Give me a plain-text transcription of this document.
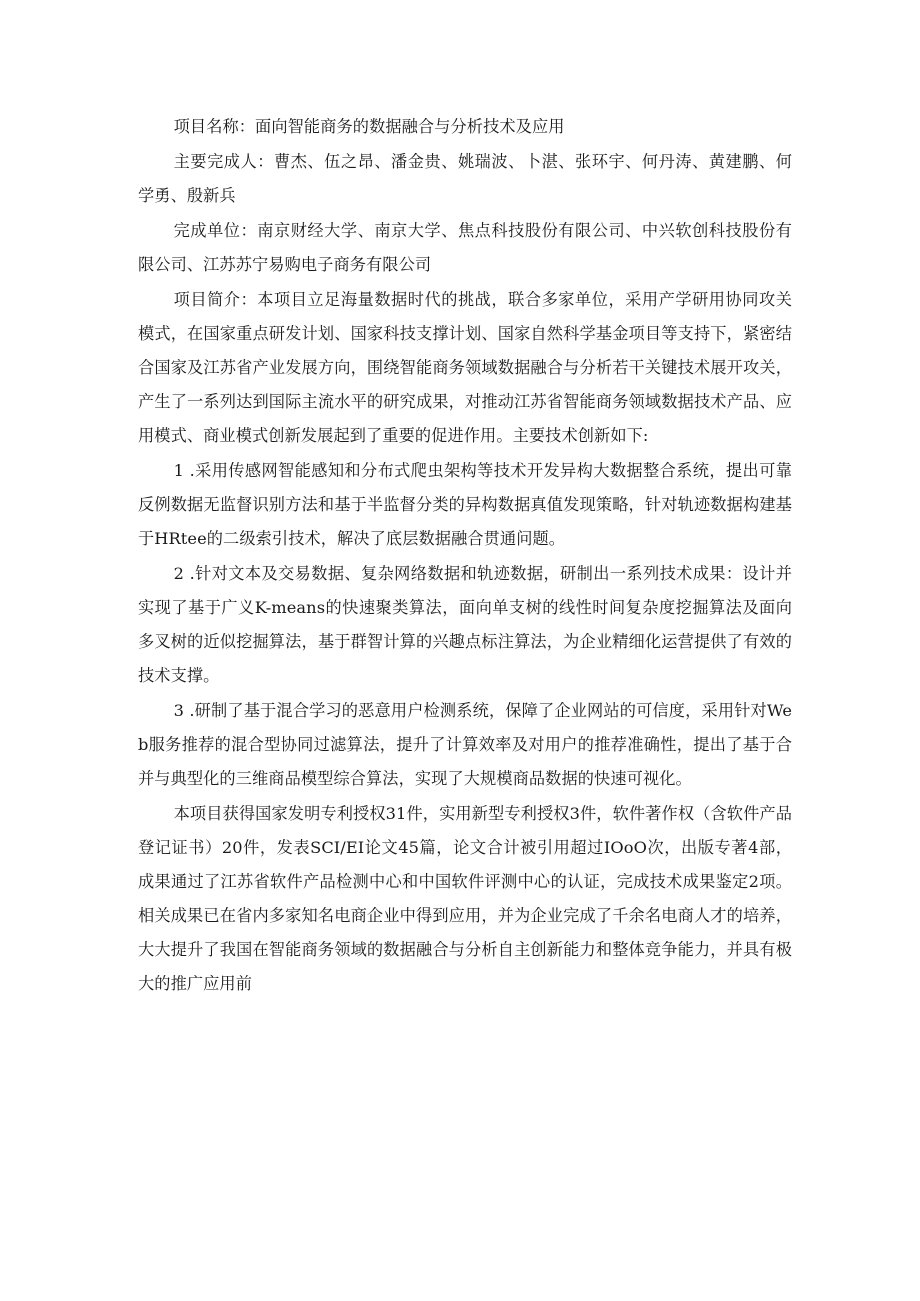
项目名称：面向智能商务的数据融合与分析技术及应用

主要完成人：曹杰、伍之昂、潘金贵、姚瑞波、卜湛、张环宇、何丹涛、黄建鹏、何学勇、殷新兵

完成单位：南京财经大学、南京大学、焦点科技股份有限公司、中兴软创科技股份有限公司、江苏苏宁易购电子商务有限公司

项目简介：本项目立足海量数据时代的挑战，联合多家单位，采用产学研用协同攻关模式，在国家重点研发计划、国家科技支撑计划、国家自然科学基金项目等支持下，紧密结合国家及江苏省产业发展方向，围绕智能商务领域数据融合与分析若干关键技术展开攻关，产生了一系列达到国际主流水平的研究成果，对推动江苏省智能商务领域数据技术产品、应用模式、商业模式创新发展起到了重要的促进作用。主要技术创新如下:

1 .采用传感网智能感知和分布式爬虫架构等技术开发异构大数据整合系统，提出可靠反例数据无监督识别方法和基于半监督分类的异构数据真值发现策略，针对轨迹数据构建基于HRtee的二级索引技术，解决了底层数据融合贯通问题。

2 .针对文本及交易数据、复杂网络数据和轨迹数据，研制出一系列技术成果：设计并实现了基于广义K-means的快速聚类算法，面向单支树的线性时间复杂度挖掘算法及面向多叉树的近似挖掘算法，基于群智计算的兴趣点标注算法，为企业精细化运营提供了有效的技术支撑。

3 .研制了基于混合学习的恶意用户检测系统，保障了企业网站的可信度，采用针对Web服务推荐的混合型协同过滤算法，提升了计算效率及对用户的推荐准确性，提出了基于合并与典型化的三维商品模型综合算法，实现了大规模商品数据的快速可视化。

本项目获得国家发明专利授权31件，实用新型专利授权3件，软件著作权（含软件产品登记证书）20件，发表SCI/EI论文45篇，论文合计被引用超过IOoO次，出版专著4部，成果通过了江苏省软件产品检测中心和中国软件评测中心的认证，完成技术成果鉴定2项。相关成果已在省内多家知名电商企业中得到应用，并为企业完成了千余名电商人才的培养，大大提升了我国在智能商务领域的数据融合与分析自主创新能力和整体竞争能力，并具有极大的推广应用前
